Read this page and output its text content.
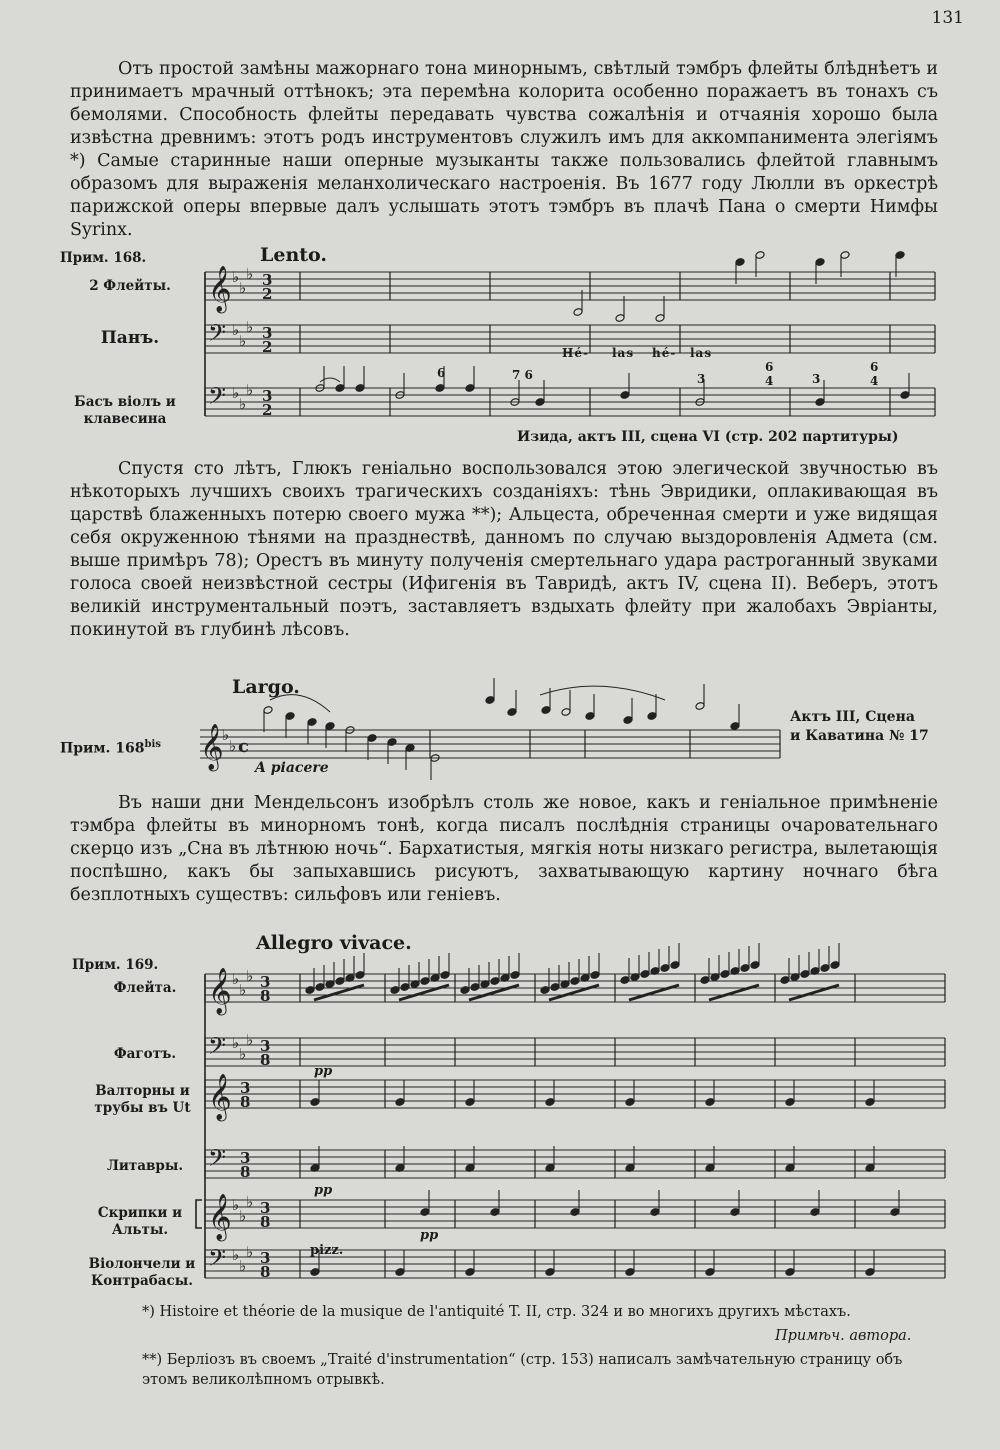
131

Отъ простой замѣны мажорнаго тона минорнымъ, свѣтлый тэмбръ флейты блѣднѣетъ и принимаетъ мрачный оттѣнокъ; эта перемѣна колорита особенно поражаетъ въ тонахъ съ бемолями. Способность флейты передавать чувства сожалѣнія и отчаянія хорошо была извѣстна древнимъ: этотъ родъ инструментовъ служилъ имъ для аккомпанимента элегіямъ *) Самые старинные наши оперные музыканты также пользовались флейтой главнымъ образомъ для выраженія меланхолическаго настроенія. Въ 1677 году Люлли въ оркестрѣ парижской оперы впервые далъ услышать этотъ тэмбръ въ плачѣ Пана о смерти Нимфы Syrinx.

Прим. 168.
2 Флейты.
Панъ.
Басъ віолъ и клавесина
Lento.
Hé- las hé- las
6	7 6	3
6
4	3
6
4
Изида, актъ III, сцена VI (стр. 202 партитуры)

Спустя сто лѣтъ, Глюкъ геніально воспользовался этою элегической звучностью въ нѣкоторыхъ лучшихъ своихъ трагическихъ созданіяхъ: тѣнь Эвридики, оплакивающая въ царствѣ блаженныхъ потерю своего мужа **); Альцеста, обреченная смерти и уже видящая себя окруженною тѣнями на празднествѣ, данномъ по случаю выздоровленія Адмета (см. выше примѣръ 78); Орестъ въ минуту полученія смертельнаго удара растроганный звуками голоса своей неизвѣстной сестры (Ифигенія въ Тавридѣ, актъ IV, сцена II). Веберъ, этотъ великій инструментальный поэтъ, заставляетъ вздыхать флейту при жалобахъ Эвріанты, покинутой въ глубинѣ лѣсовъ.

Largo.
Прим. $168^{bis}$
A piacere
Актъ III, Сцена
и Каватина № 17

Въ наши дни Мендельсонъ изобрѣлъ столь же новое, какъ и геніальное примѣненіе тэмбра флейты въ минорномъ тонѣ, когда писалъ послѣднія страницы очаровательнаго скерцо изъ „Сна въ лѣтнюю ночь“. Бархатистыя, мягкія ноты низкаго регистра, вылетающія поспѣшно, какъ бы запыхавшись рисуютъ, захватывающую картину ночнаго бѣга безплотныхъ существъ: сильфовъ или геніевъ.

Allegro vivace.
Прим. 169.
Флейта.
Фаготъ.
Валторны и трубы въ Ut
Литавры.
Скрипки и Альты.
Віолончели и Контрабасы.
pp
pp
pp
pizz.
*) Histoire et théorie de la musique de l'antiquité T. II, стр. 324 и во многихъ другихъ мѣстахъ.
Примѣч. автора.
**) Берліозъ въ своемъ „Traité d'instrumentation“ (стр. 153) написалъ замѣчательную страницу объ этомъ великолѣпномъ отрывкѣ.
𝄞 ♭
♭
♭ 3
2
𝄢 ♭
♭
♭ 3
2
𝄢 ♭
♭
♭ 3
2
𝄞
♭
♭ c
𝄞 ♭
♭
♭ 3
8
𝄢 ♭
♭
♭ 3
8
𝄞 3
8
𝄢 3
8
𝄞 ♭
♭
♭ 3
8
𝄢 ♭
♭
♭ 3
8
